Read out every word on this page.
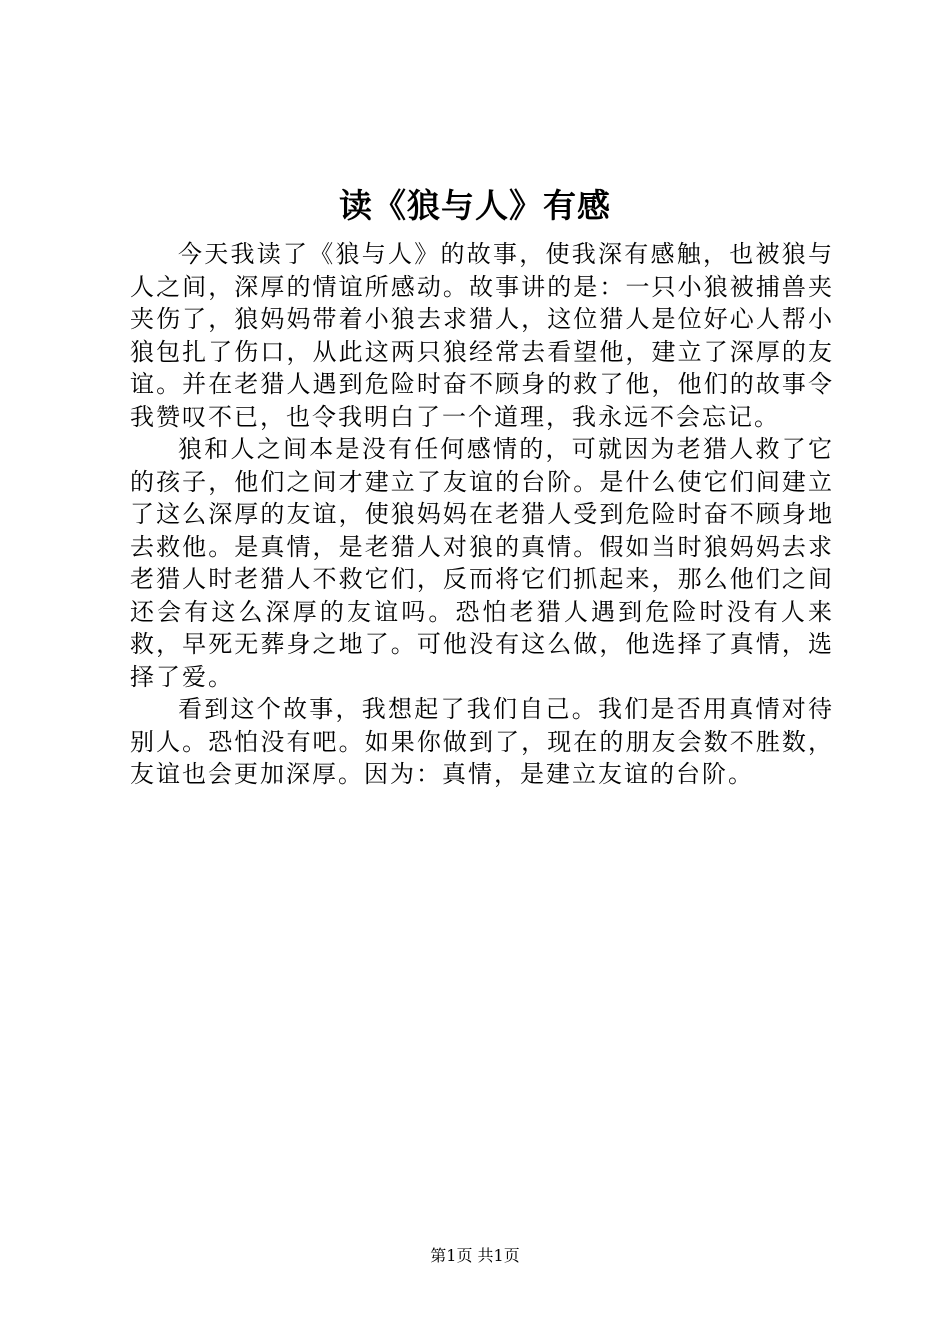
读《狼与人》有感

今天我读了《狼与人》的故事，使我深有感触，也被狼与人之间，深厚的情谊所感动。故事讲的是：一只小狼被捕兽夹夹伤了，狼妈妈带着小狼去求猎人，这位猎人是位好心人帮小狼包扎了伤口，从此这两只狼经常去看望他，建立了深厚的友谊。并在老猎人遇到危险时奋不顾身的救了他，他们的故事令我赞叹不已，也令我明白了一个道理，我永远不会忘记。

狼和人之间本是没有任何感情的，可就因为老猎人救了它的孩子，他们之间才建立了友谊的台阶。是什么使它们间建立了这么深厚的友谊，使狼妈妈在老猎人受到危险时奋不顾身地去救他。是真情，是老猎人对狼的真情。假如当时狼妈妈去求老猎人时老猎人不救它们，反而将它们抓起来，那么他们之间还会有这么深厚的友谊吗。恐怕老猎人遇到危险时没有人来救，早死无葬身之地了。可他没有这么做，他选择了真情，选择了爱。

看到这个故事，我想起了我们自己。我们是否用真情对待别人。恐怕没有吧。如果你做到了，现在的朋友会数不胜数，友谊也会更加深厚。因为：真情，是建立友谊的台阶。

第1页 共1页
